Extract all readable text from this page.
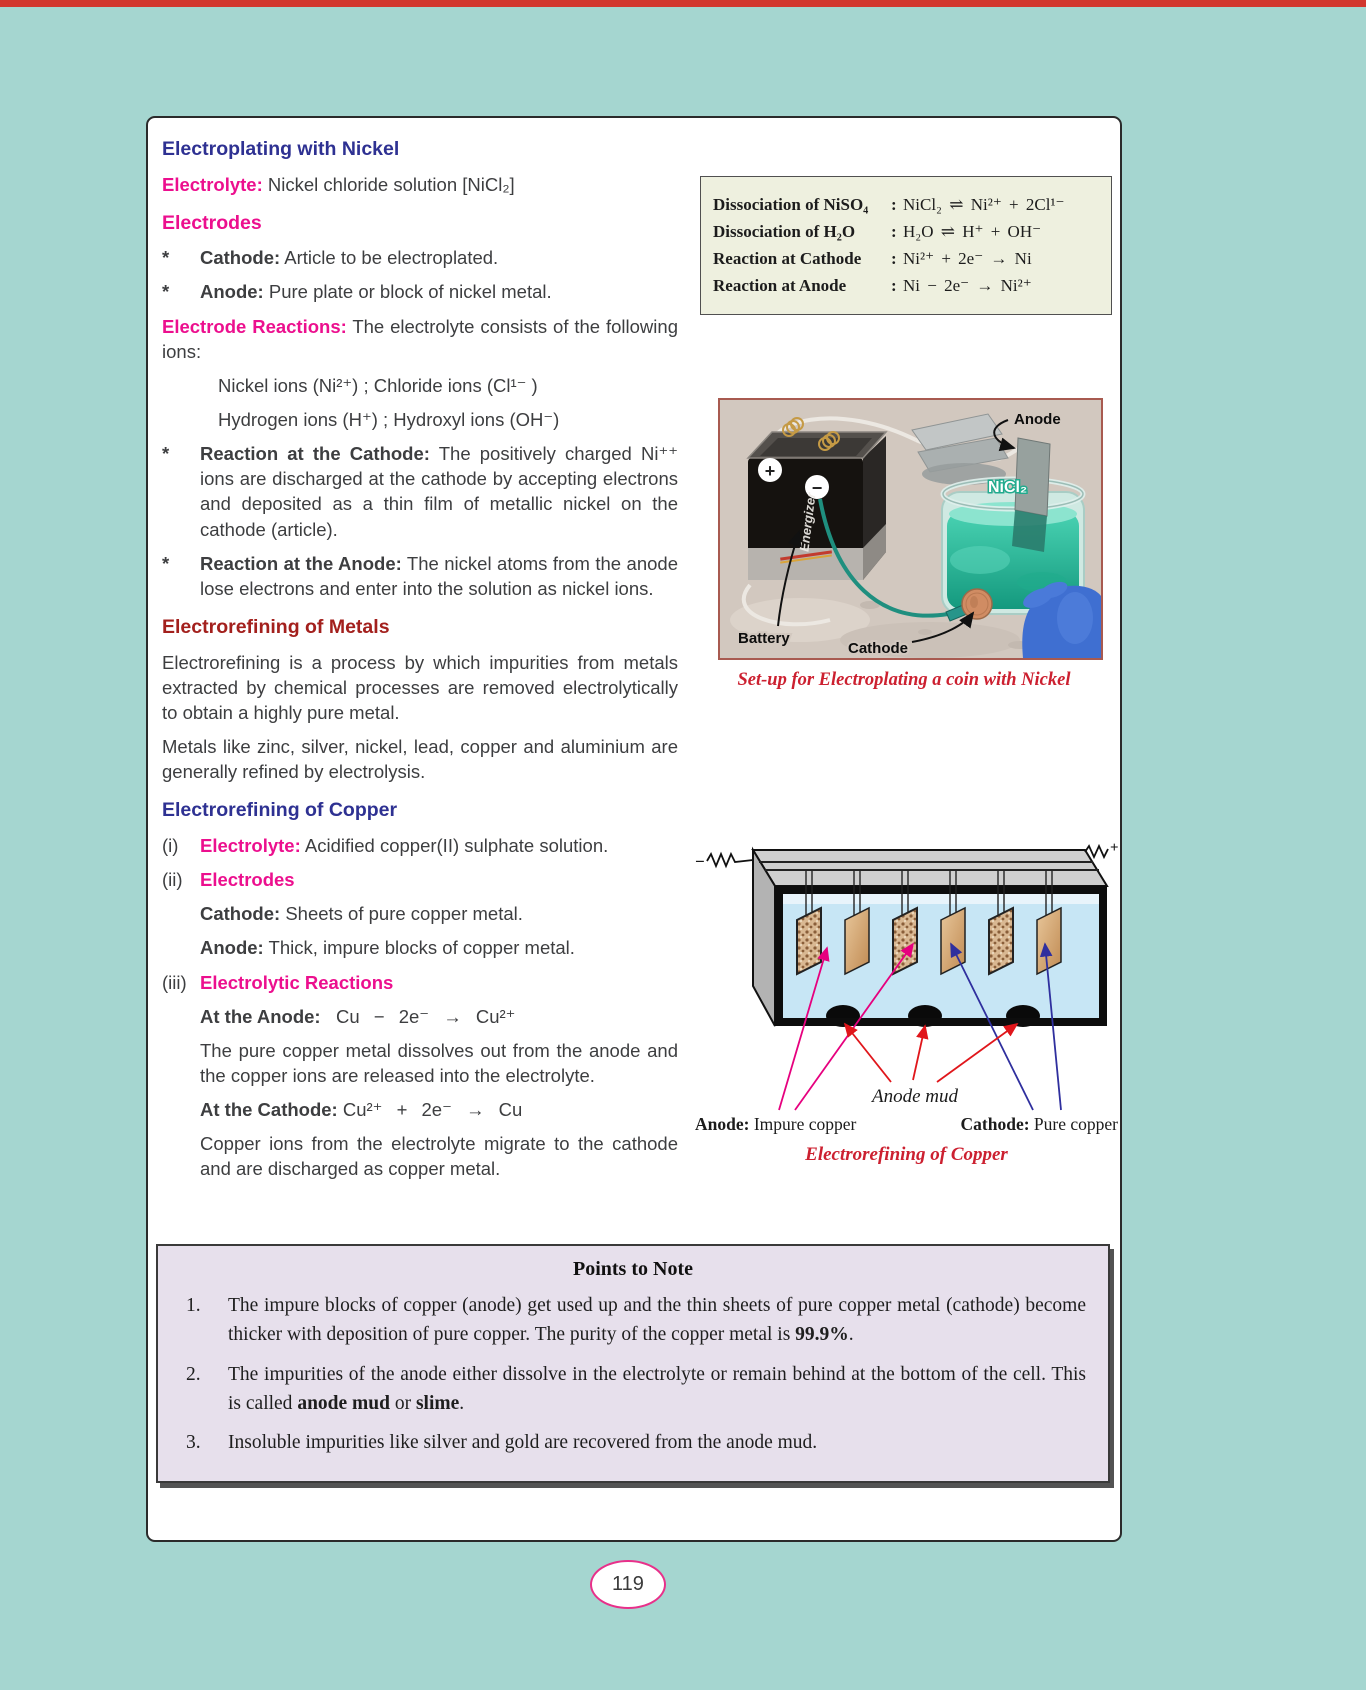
Electroplating with Nickel

Electrolyte: Nickel chloride solution [NiCl₂]

Electrodes
*	Cathode: Article to be electroplated.

*	Anode: Pure plate or block of nickel metal.

Electrode Reactions: The electrolyte consists of the following ions:

Nickel ions (Ni²⁺) ; Chloride ions (Cl¹⁻ )

Hydrogen ions (H⁺) ; Hydroxyl ions (OH⁻)

*	Reaction at the Cathode: The positively charged Ni⁺⁺ ions are discharged at the cathode by accepting electrons and deposited as a thin film of metallic nickel on the cathode (article).

*	Reaction at the Anode: The nickel atoms from the anode lose electrons and enter into the solution as nickel ions.

Electrorefining of Metals

Electrorefining is a process by which impurities from metals extracted by chemical processes are removed electrolytically to obtain a highly pure metal.

Metals like zinc, silver, nickel, lead, copper and aluminium are generally refined by electrolysis.

Electrorefining of Copper
(i)	Electrolyte: Acidified copper(II) sulphate solution.

(ii) Electrodes

Cathode: Sheets of pure copper metal.

Anode: Thick, impure blocks of copper metal.

(iii) Electrolytic Reactions

At the Anode: Cu − 2e⁻ → Cu²⁺

The pure copper metal dissolves out from the anode and the copper ions are released into the electrolyte.

At the Cathode: Cu²⁺ + 2e⁻ → Cu

Copper ions from the electrolyte migrate to the cathode and are discharged as copper metal.

Dissociation of NiSO₄	: NiCl₂ ⇌ Ni²⁺ + 2Cl¹⁻
Dissociation of H₂O	: H₂O ⇌ H⁺ + OH⁻
Reaction at Cathode	: Ni²⁺ + 2e⁻ → Ni
Reaction at Anode	: Ni − 2e⁻ → Ni²⁺
+
−
Energizer
NiCl₂
Anode
Battery
Cathode
Set-up for Electroplating a coin with Nickel
−
+
Anode mud
Anode: Impure copper	Cathode: Pure copper
Electrorefining of Copper
Points to Note
1.	The impure blocks of copper (anode) get used up and the thin sheets of pure copper metal (cathode) become thicker with deposition of pure copper. The purity of the copper metal is 99.9%.
2.	The impurities of the anode either dissolve in the electrolyte or remain behind at the bottom of the cell. This is called anode mud or slime.
3.	Insoluble impurities like silver and gold are recovered from the anode mud.
119
